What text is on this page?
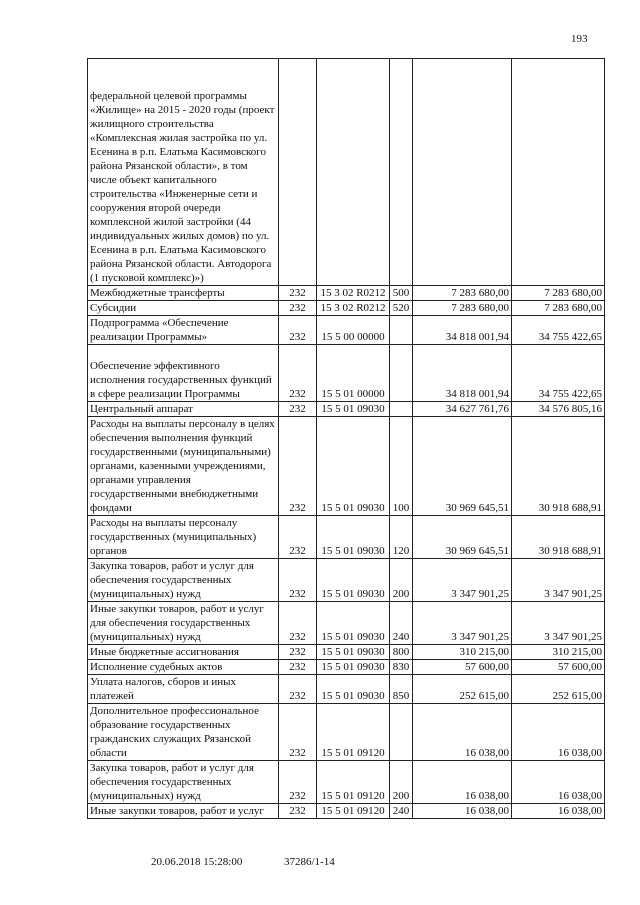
193
федеральной целевой программы «Жилище» на 2015 - 2020 годы (проект жилищного строительства «Комплексная жилая застройка по ул. Есенина в р.п. Елатьма Касимовского района Рязанской области», в том числе объект капитального строительства «Инженерные сети и сооружения второй очереди комплексной жилой застройки (44 индивидуальных жилых домов) по ул. Есенина в р.п. Елатьма Касимовского района Рязанской области. Автодорога (1 пусковой комплекс)»)					
Межбюджетные трансферты	232	15 3 02 R0212	500	7 283 680,00	7 283 680,00
Субсидии	232	15 3 02 R0212	520	7 283 680,00	7 283 680,00
Подпрограмма «Обеспечение реализации Программы»	232	15 5 00 00000		34 818 001,94	34 755 422,65
Обеспечение эффективного исполнения государственных функций в сфере реализации Программы	232	15 5 01 00000		34 818 001,94	34 755 422,65
Центральный аппарат	232	15 5 01 09030		34 627 761,76	34 576 805,16
Расходы на выплаты персоналу в целях обеспечения выполнения функций государственными (муниципальными) органами, казенными учреждениями, органами управления государственными внебюджетными фондами	232	15 5 01 09030	100	30 969 645,51	30 918 688,91
Расходы на выплаты персоналу государственных (муниципальных) органов	232	15 5 01 09030	120	30 969 645,51	30 918 688,91
Закупка товаров, работ и услуг для обеспечения государственных (муниципальных) нужд	232	15 5 01 09030	200	3 347 901,25	3 347 901,25
Иные закупки товаров, работ и услуг для обеспечения государственных (муниципальных) нужд	232	15 5 01 09030	240	3 347 901,25	3 347 901,25
Иные бюджетные ассигнования	232	15 5 01 09030	800	310 215,00	310 215,00
Исполнение судебных актов	232	15 5 01 09030	830	57 600,00	57 600,00
Уплата налогов, сборов и иных платежей	232	15 5 01 09030	850	252 615,00	252 615,00
Дополнительное профессиональное образование государственных гражданских служащих Рязанской области	232	15 5 01 09120		16 038,00	16 038,00
Закупка товаров, работ и услуг для обеспечения государственных (муниципальных) нужд	232	15 5 01 09120	200	16 038,00	16 038,00
Иные закупки товаров, работ и услуг	232	15 5 01 09120	240	16 038,00	16 038,00
20.06.2018 15:28:00	37286/1-14
